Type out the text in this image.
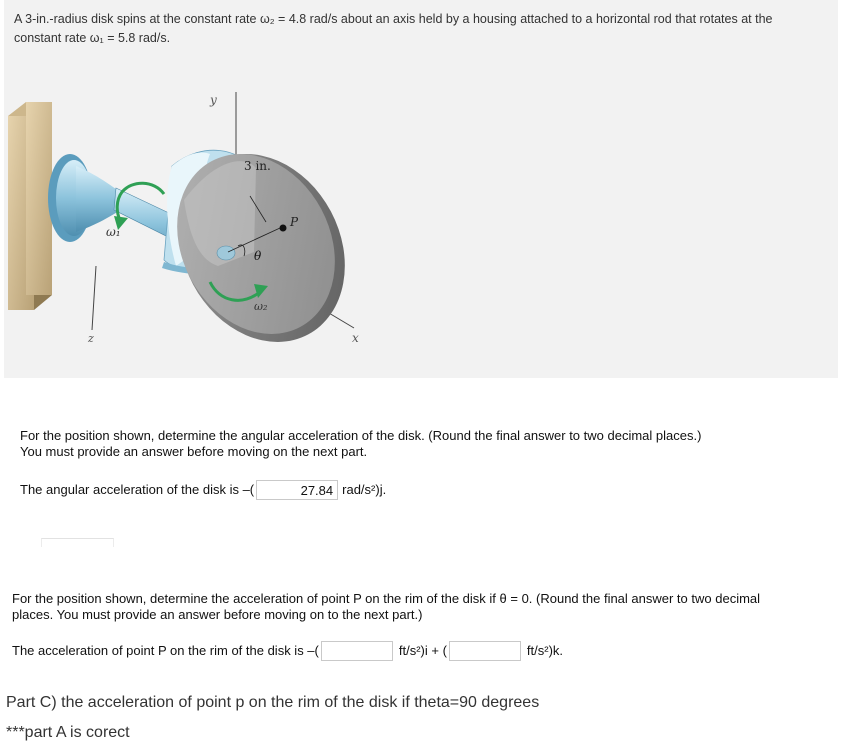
A 3-in.-radius disk spins at the constant rate ω₂ = 4.8 rad/s about an axis held by a housing attached to a horizontal rod that rotates at the
constant rate ω₁ = 5.8 rad/s.
y
3 in.
P
θ
ω₁
ω₂
z	x
For the position shown, determine the angular acceleration of the disk. (Round the final answer to two decimal places.)
You must provide an answer before moving on the next part.
The angular acceleration of the disk is –(
27.84	rad/s²)j.
For the position shown, determine the acceleration of point P on the rim of the disk if θ = 0. (Round the final answer to two decimal
places. You must provide an answer before moving on to the next part.)
The acceleration of point P on the rim of the disk is –(	ft/s²)i + (	ft/s²)k.
Part C) the acceleration of point p on the rim of the disk if theta=90 degrees
***part A is corect
